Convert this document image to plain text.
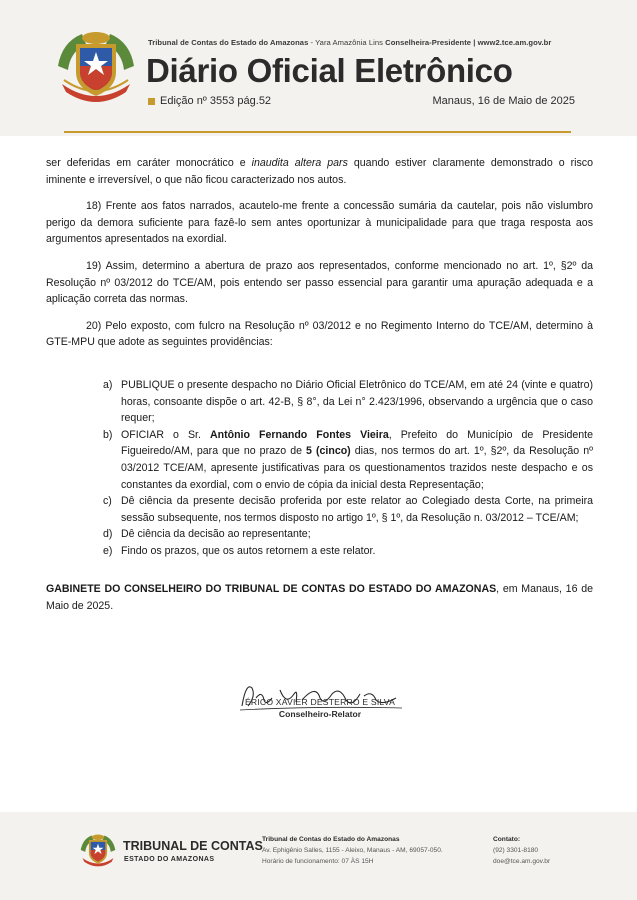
Tribunal de Contas do Estado do Amazonas - Yara Amazônia Lins Conselheira-Presidente | www2.tce.am.gov.br
Diário Oficial Eletrônico
Edição nº 3553 pág.52	Manaus, 16 de Maio de 2025

ser deferidas em caráter monocrático e inaudita altera pars quando estiver claramente demonstrado o risco iminente e irreversível, o que não ficou caracterizado nos autos.

18) Frente aos fatos narrados, acautelo-me frente a concessão sumária da cautelar, pois não vislumbro perigo da demora suficiente para fazê-lo sem antes oportunizar à municipalidade para que traga resposta aos argumentos apresentados na exordial.

19) Assim, determino a abertura de prazo aos representados, conforme mencionado no art. 1º, §2º da Resolução nº 03/2012 do TCE/AM, pois entendo ser passo essencial para garantir uma apuração adequada e a aplicação correta das normas.

20) Pelo exposto, com fulcro na Resolução nº 03/2012 e no Regimento Interno do TCE/AM, determino à GTE-MPU que adote as seguintes providências:

a) PUBLIQUE o presente despacho no Diário Oficial Eletrônico do TCE/AM, em até 24 (vinte e quatro) horas, consoante dispõe o art. 42-B, § 8°, da Lei n° 2.423/1996, observando a urgência que o caso requer;
b) OFICIAR o Sr. Antônio Fernando Fontes Vieira, Prefeito do Município de Presidente Figueiredo/AM, para que no prazo de 5 (cinco) dias, nos termos do art. 1º, §2º, da Resolução nº 03/2012 TCE/AM, apresente justificativas para os questionamentos trazidos neste despacho e os constantes da exordial, com o envio de cópia da inicial desta Representação;
c) Dê ciência da presente decisão proferida por este relator ao Colegiado desta Corte, na primeira sessão subsequente, nos termos disposto no artigo 1º, § 1º, da Resolução n. 03/2012 – TCE/AM;
d) Dê ciência da decisão ao representante;
e) Findo os prazos, que os autos retornem a este relator.

GABINETE DO CONSELHEIRO DO TRIBUNAL DE CONTAS DO ESTADO DO AMAZONAS, em Manaus, 16 de Maio de 2025.

ÉRICO XAVIER DESTERRO E SILVA
Conselheiro-Relator
TRIBUNAL DE CONTAS
ESTADO DO AMAZONAS
Tribunal de Contas do Estado do Amazonas
Av. Ephigênio Salles, 1155 - Aleixo, Manaus - AM, 69057-050.
Horário de funcionamento: 07 ÀS 15H
Contato:
(92) 3301-8180
doe@tce.am.gov.br
